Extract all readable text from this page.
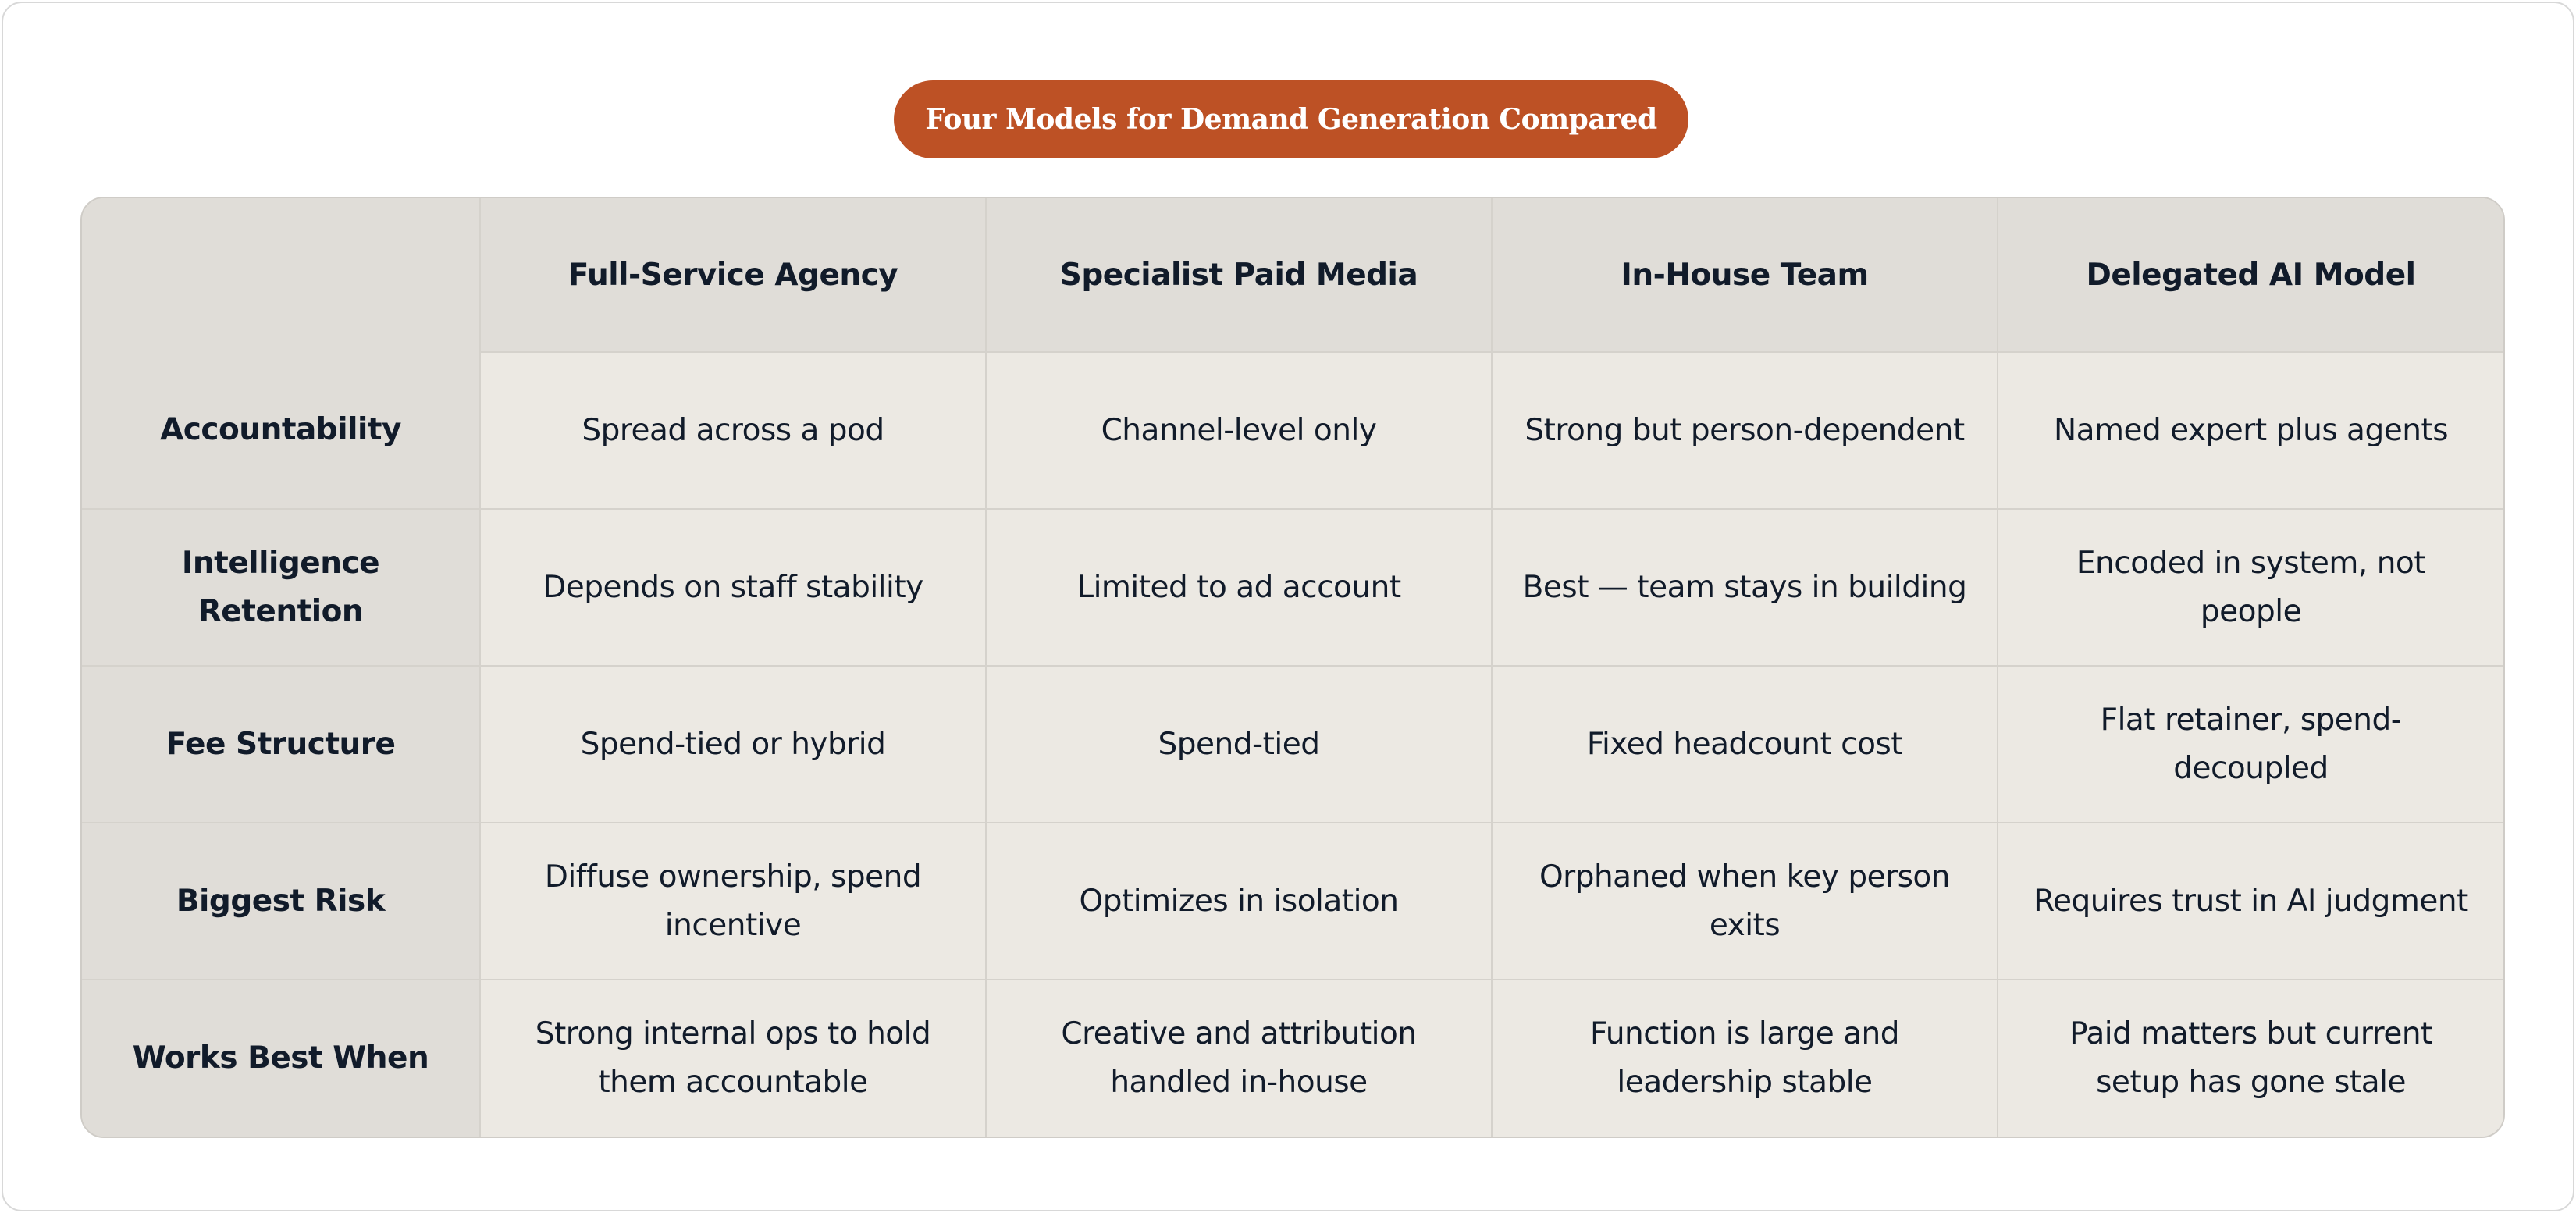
Four Models for Demand Generation Compared
	Full-Service Agency	Specialist Paid Media	In-House Team	Delegated AI Model
Accountability	Spread across a pod	Channel-level only	Strong but person-dependent	Named expert plus agents
Intelligence Retention	Depends on staff stability	Limited to ad account	Best — team stays in building	Encoded in system, not people
Fee Structure	Spend-tied or hybrid	Spend-tied	Fixed headcount cost	Flat retainer, spend-decoupled
Biggest Risk	Diffuse ownership, spend incentive	Optimizes in isolation	Orphaned when key person exits	Requires trust in AI judgment
Works Best When	Strong internal ops to hold them accountable	Creative and attribution handled in-house	Function is large and leadership stable	Paid matters but current setup has gone stale
